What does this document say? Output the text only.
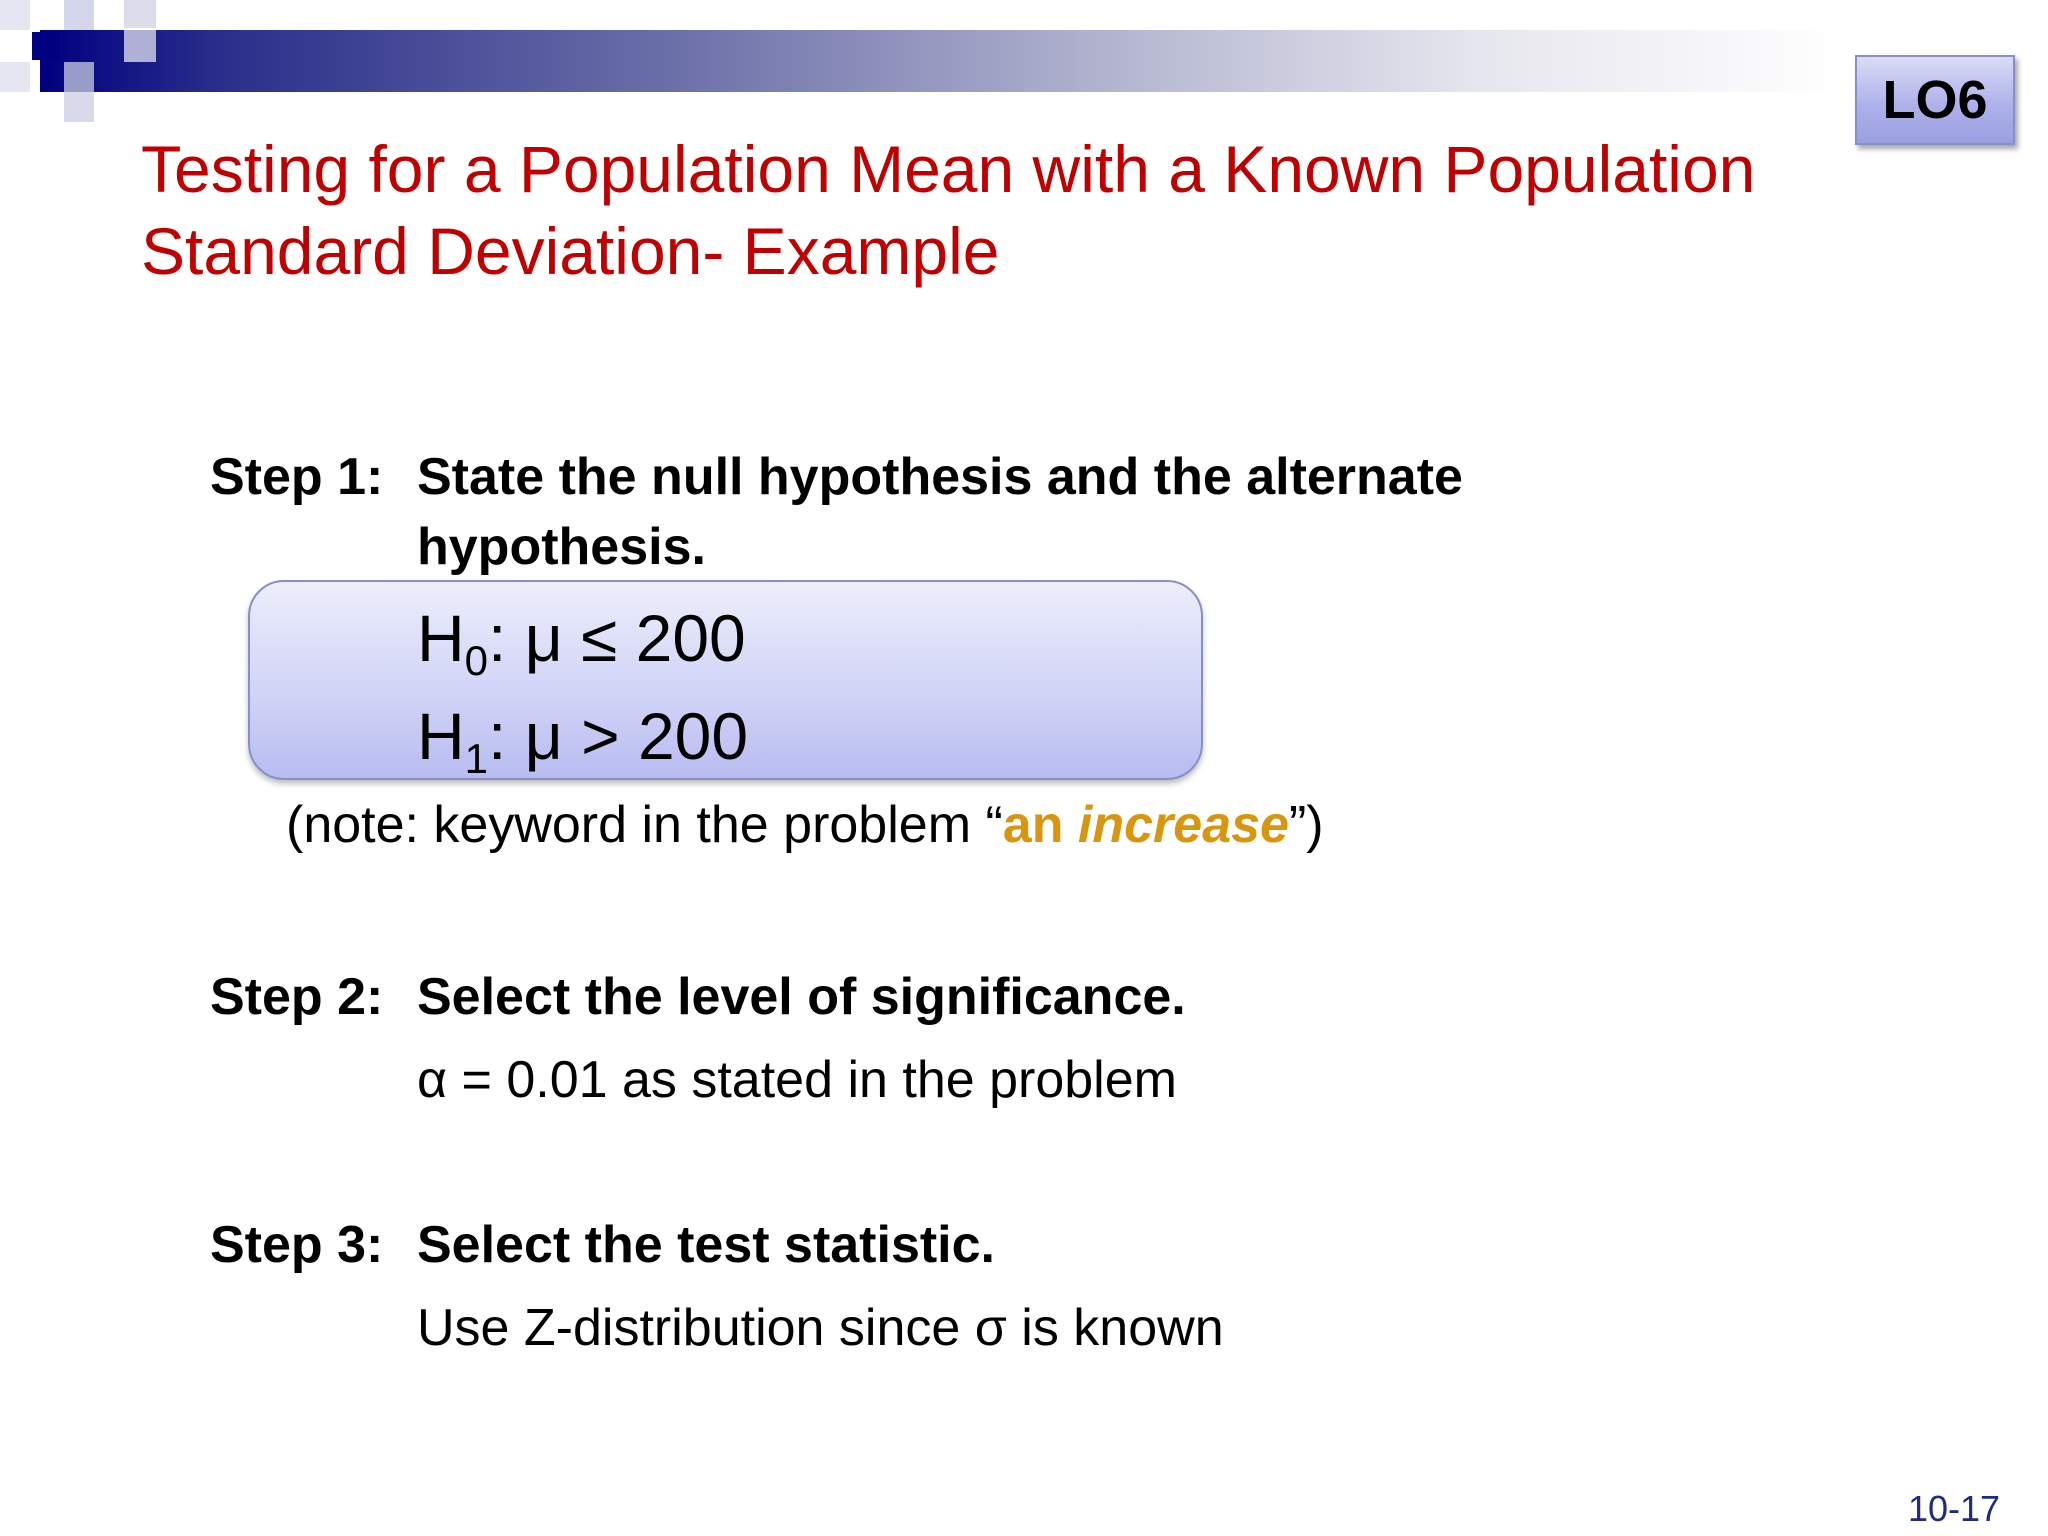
LO6
Testing for a Population Mean with a Known Population Standard Deviation- Example
Step 1: State the null hypothesis and the alternate
hypothesis.
$H_0$: μ ≤ 200
$H_1$: μ > 200
(note: keyword in the problem “an increase”)
Step 2: Select the level of significance.
α = 0.01 as stated in the problem
Step 3: Select the test statistic.
Use Z-distribution since σ is known
10-17
